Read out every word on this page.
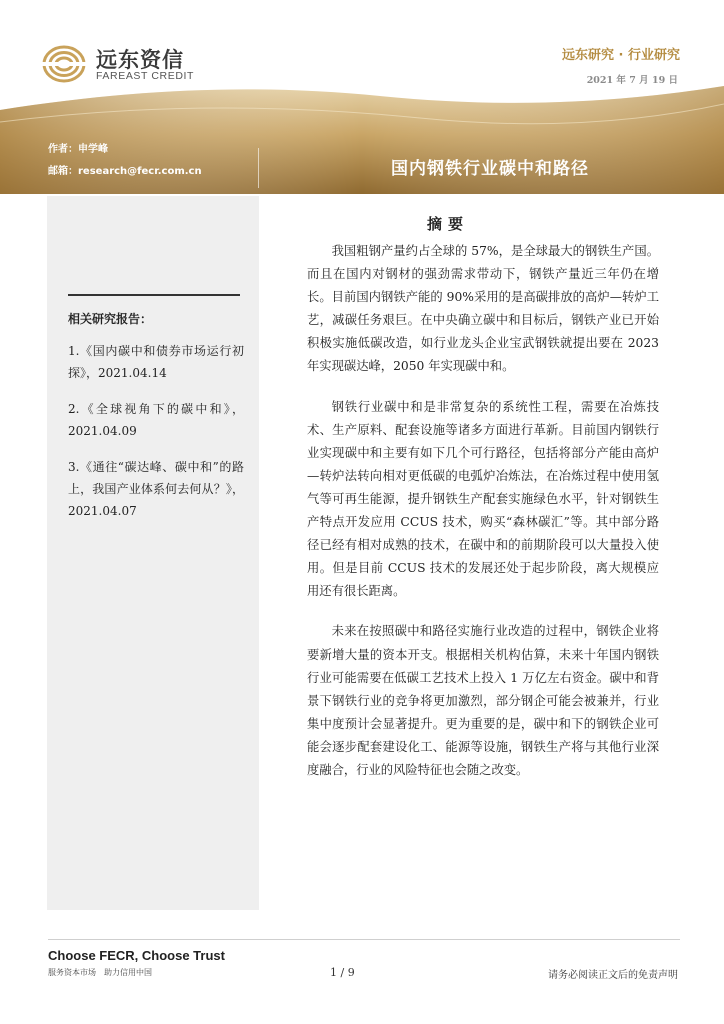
远东资信
FAREAST CREDIT
远东研究 · 行业研究
2021 年 7 月 19 日
作者：申学峰
邮箱：research@fecr.com.cn	国内钢铁行业碳中和路径
相关研究报告：
1.《国内碳中和债券市场运行初探》，2021.04.14
2.《全球视角下的碳中和》，2021.04.09
3.《通往“碳达峰、碳中和”的路上，我国产业体系何去何从？》，2021.04.07
摘要

我国粗钢产量约占全球的 57%，是全球最大的钢铁生产国。而且在国内对钢材的强劲需求带动下，钢铁产量近三年仍在增长。目前国内钢铁产能的 90%采用的是高碳排放的高炉—转炉工艺，减碳任务艰巨。在中央确立碳中和目标后，钢铁产业已开始积极实施低碳改造，如行业龙头企业宝武钢铁就提出要在 2023 年实现碳达峰，2050 年实现碳中和。

钢铁行业碳中和是非常复杂的系统性工程，需要在冶炼技术、生产原料、配套设施等诸多方面进行革新。目前国内钢铁行业实现碳中和主要有如下几个可行路径，包括将部分产能由高炉—转炉法转向相对更低碳的电弧炉冶炼法，在冶炼过程中使用氢气等可再生能源，提升钢铁生产配套实施绿色水平，针对钢铁生产特点开发应用 CCUS 技术，购买“森林碳汇”等。其中部分路径已经有相对成熟的技术，在碳中和的前期阶段可以大量投入使用。但是目前 CCUS 技术的发展还处于起步阶段，离大规模应用还有很长距离。

未来在按照碳中和路径实施行业改造的过程中，钢铁企业将要新增大量的资本开支。根据相关机构估算，未来十年国内钢铁行业可能需要在低碳工艺技术上投入 1 万亿左右资金。碳中和背景下钢铁行业的竞争将更加激烈，部分钢企可能会被兼并，行业集中度预计会显著提升。更为重要的是，碳中和下的钢铁企业可能会逐步配套建设化工、能源等设施，钢铁生产将与其他行业深度融合，行业的风险特征也会随之改变。

Choose FECR, Choose Trust
服务资本市场　助力信用中国	1 / 9	请务必阅读正文后的免责声明
